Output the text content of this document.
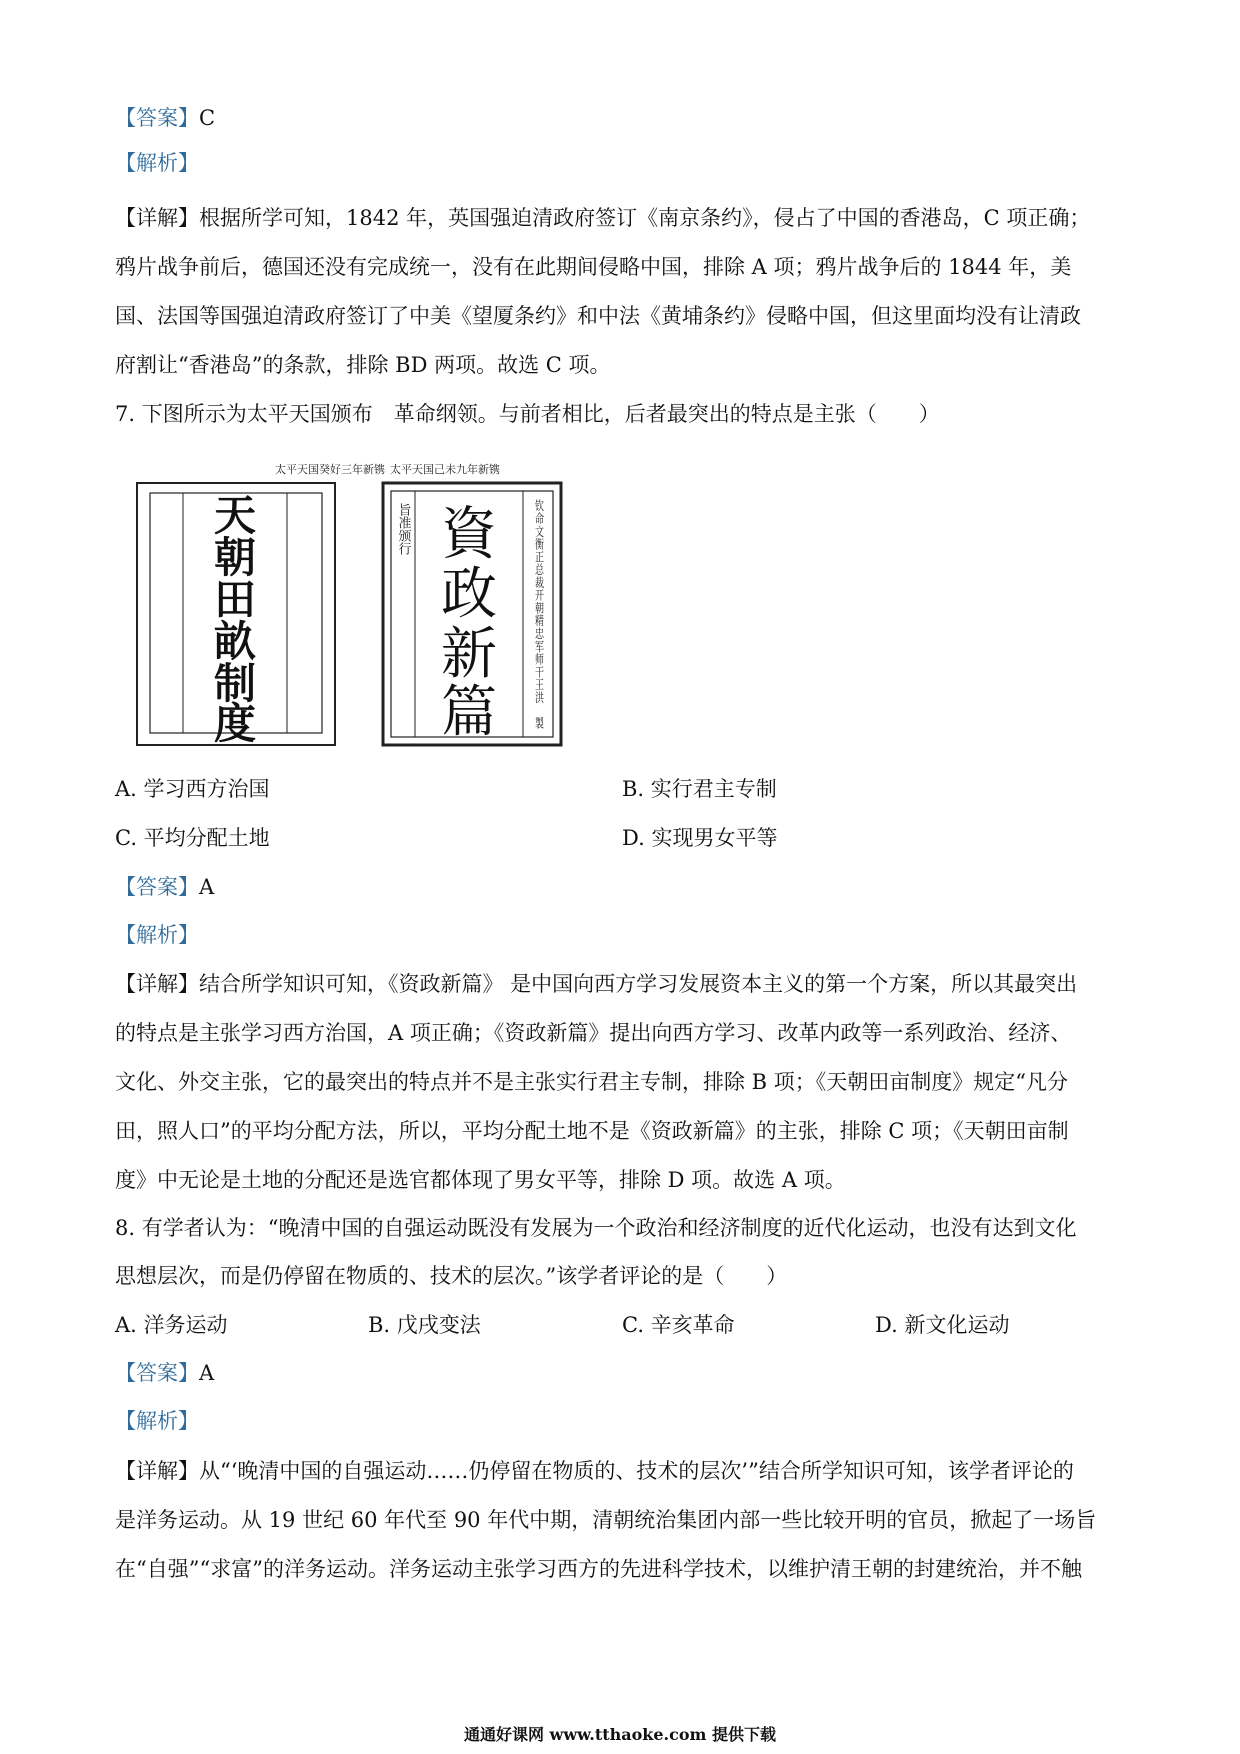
【答案】C
【解析】
【详解】根据所学可知，1842 年，英国强迫清政府签订《南京条约》，侵占了中国的香港岛，C 项正确；
鸦片战争前后，德国还没有完成统一，没有在此期间侵略中国，排除 A 项；鸦片战争后的 1844 年，美
国、法国等国强迫清政府签订了中美《望厦条约》和中法《黄埔条约》侵略中国，但这里面均没有让清政
府割让“香港岛”的条款，排除 BD 两项。故选 C 项。
7. 下图所示为太平天国颁布　革命纲领。与前者相比，后者最突出的特点是主张（　　）
太平天国癸好三年新镌
天
朝
田
畝
制
度
太平天国己未九年新镌
旨准颁行	钦命文衡正总裁开朝精忠军师干王洪　製
資
政
新
篇
A. 学习西方治国	B. 实行君主专制
C. 平均分配土地	D. 实现男女平等
【答案】A
【解析】
【详解】结合所学知识可知，《资政新篇》 是中国向西方学习发展资本主义的第一个方案，所以其最突出
的特点是主张学习西方治国，A 项正确；《资政新篇》提出向西方学习、改革内政等一系列政治、经济、
文化、外交主张，它的最突出的特点并不是主张实行君主专制，排除 B 项；《天朝田亩制度》规定“凡分
田，照人口”的平均分配方法，所以，平均分配土地不是《资政新篇》的主张，排除 C 项；《天朝田亩制
度》中无论是土地的分配还是选官都体现了男女平等，排除 D 项。故选 A 项。
8. 有学者认为：“晚清中国的自强运动既没有发展为一个政治和经济制度的近代化运动，也没有达到文化
思想层次，而是仍停留在物质的、技术的层次。”该学者评论的是（　　）
A. 洋务运动	B. 戊戌变法	C. 辛亥革命	D. 新文化运动
【答案】A
【解析】
【详解】从“‘晚清中国的自强运动……仍停留在物质的、技术的层次’”结合所学知识可知，该学者评论的
是洋务运动。从 19 世纪 60 年代至 90 年代中期，清朝统治集团内部一些比较开明的官员，掀起了一场旨
在“自强”“求富”的洋务运动。洋务运动主张学习西方的先进科学技术，以维护清王朝的封建统治，并不触
通通好课网 www.tthaoke.com 提供下载
